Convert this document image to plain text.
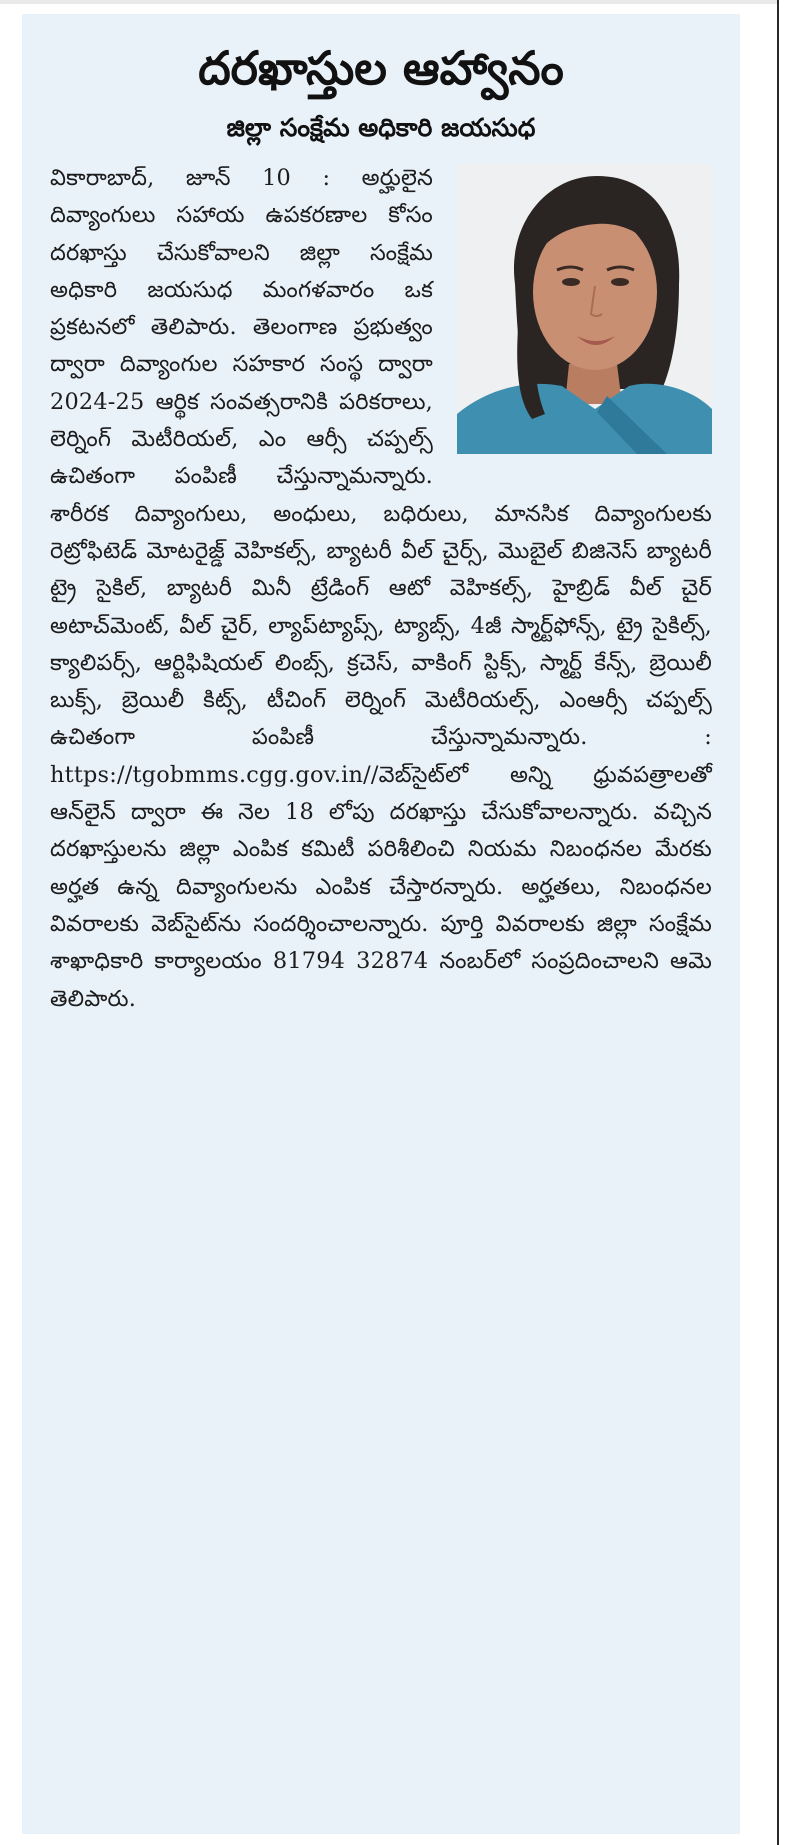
దరఖాస్తుల ఆహ్వానం
జిల్లా సంక్షేమ అధికారి జయసుధ
వికారాబాద్, జూన్ 10 : అర్హులైన దివ్యాంగులు సహాయ ఉపకరణాల కోసం దరఖాస్తు చేసుకోవాలని జిల్లా సంక్షేమ అధికారి జయసుధ మంగళవారం ఒక ప్రకటనలో తెలిపారు. తెలంగాణ ప్రభుత్వం ద్వారా దివ్యాంగుల సహకార సంస్థ ద్వారా 2024-25 ఆర్థిక సంవత్సరానికి పరికరాలు, లెర్నింగ్ మెటీరియల్, ఎం ఆర్సీ చప్పల్స్ ఉచితంగా పంపిణీ చేస్తున్నామన్నారు. శారీరక దివ్యాంగులు, అంధులు, బధిరులు, మానసిక దివ్యాంగులకు రెట్రోఫిటెడ్ మోటరైజ్డ్ వెహికల్స్, బ్యాటరీ వీల్ చైర్స్, మొబైల్ బిజినెస్ బ్యాటరీ ట్రై సైకిల్, బ్యాటరీ మినీ ట్రేడింగ్ ఆటో వెహికల్స్, హైబ్రిడ్ వీల్ చైర్ అటాచ్‌మెంట్, వీల్ చైర్, ల్యాప్‌ట్యాప్స్, ట్యాబ్స్, 4జీ స్మార్ట్‌ఫోన్స్, ట్రై సైకిల్స్, క్యాలిపర్స్, ఆర్టిఫిషియల్ లింబ్స్, క్రచెస్, వాకింగ్ స్టిక్స్, స్మార్ట్ కేన్స్, బ్రెయిలీ బుక్స్, బ్రెయిలీ కిట్స్, టీచింగ్ లెర్నింగ్ మెటీరియల్స్, ఎంఆర్సీ చప్పల్స్ ఉచితంగా పంపిణీ చేస్తున్నామన్నారు. : https://tgobmms.cgg.gov.in//వెబ్‌సైట్‌లో అన్ని ధ్రువపత్రాలతో ఆన్‌లైన్ ద్వారా ఈ నెల 18 లోపు దరఖాస్తు చేసుకోవాలన్నారు. వచ్చిన దరఖాస్తులను జిల్లా ఎంపిక కమిటీ పరిశీలించి నియమ నిబంధనల మేరకు అర్హత ఉన్న దివ్యాంగులను ఎంపిక చేస్తారన్నారు. అర్హతలు, నిబంధనల వివరాలకు వెబ్‌సైట్‌ను సందర్శించాలన్నారు. పూర్తి వివరాలకు జిల్లా సంక్షేమ శాఖాధికారి కార్యాలయం 81794 32874 నంబర్‌లో సంప్రదించాలని ఆమె తెలిపారు.
